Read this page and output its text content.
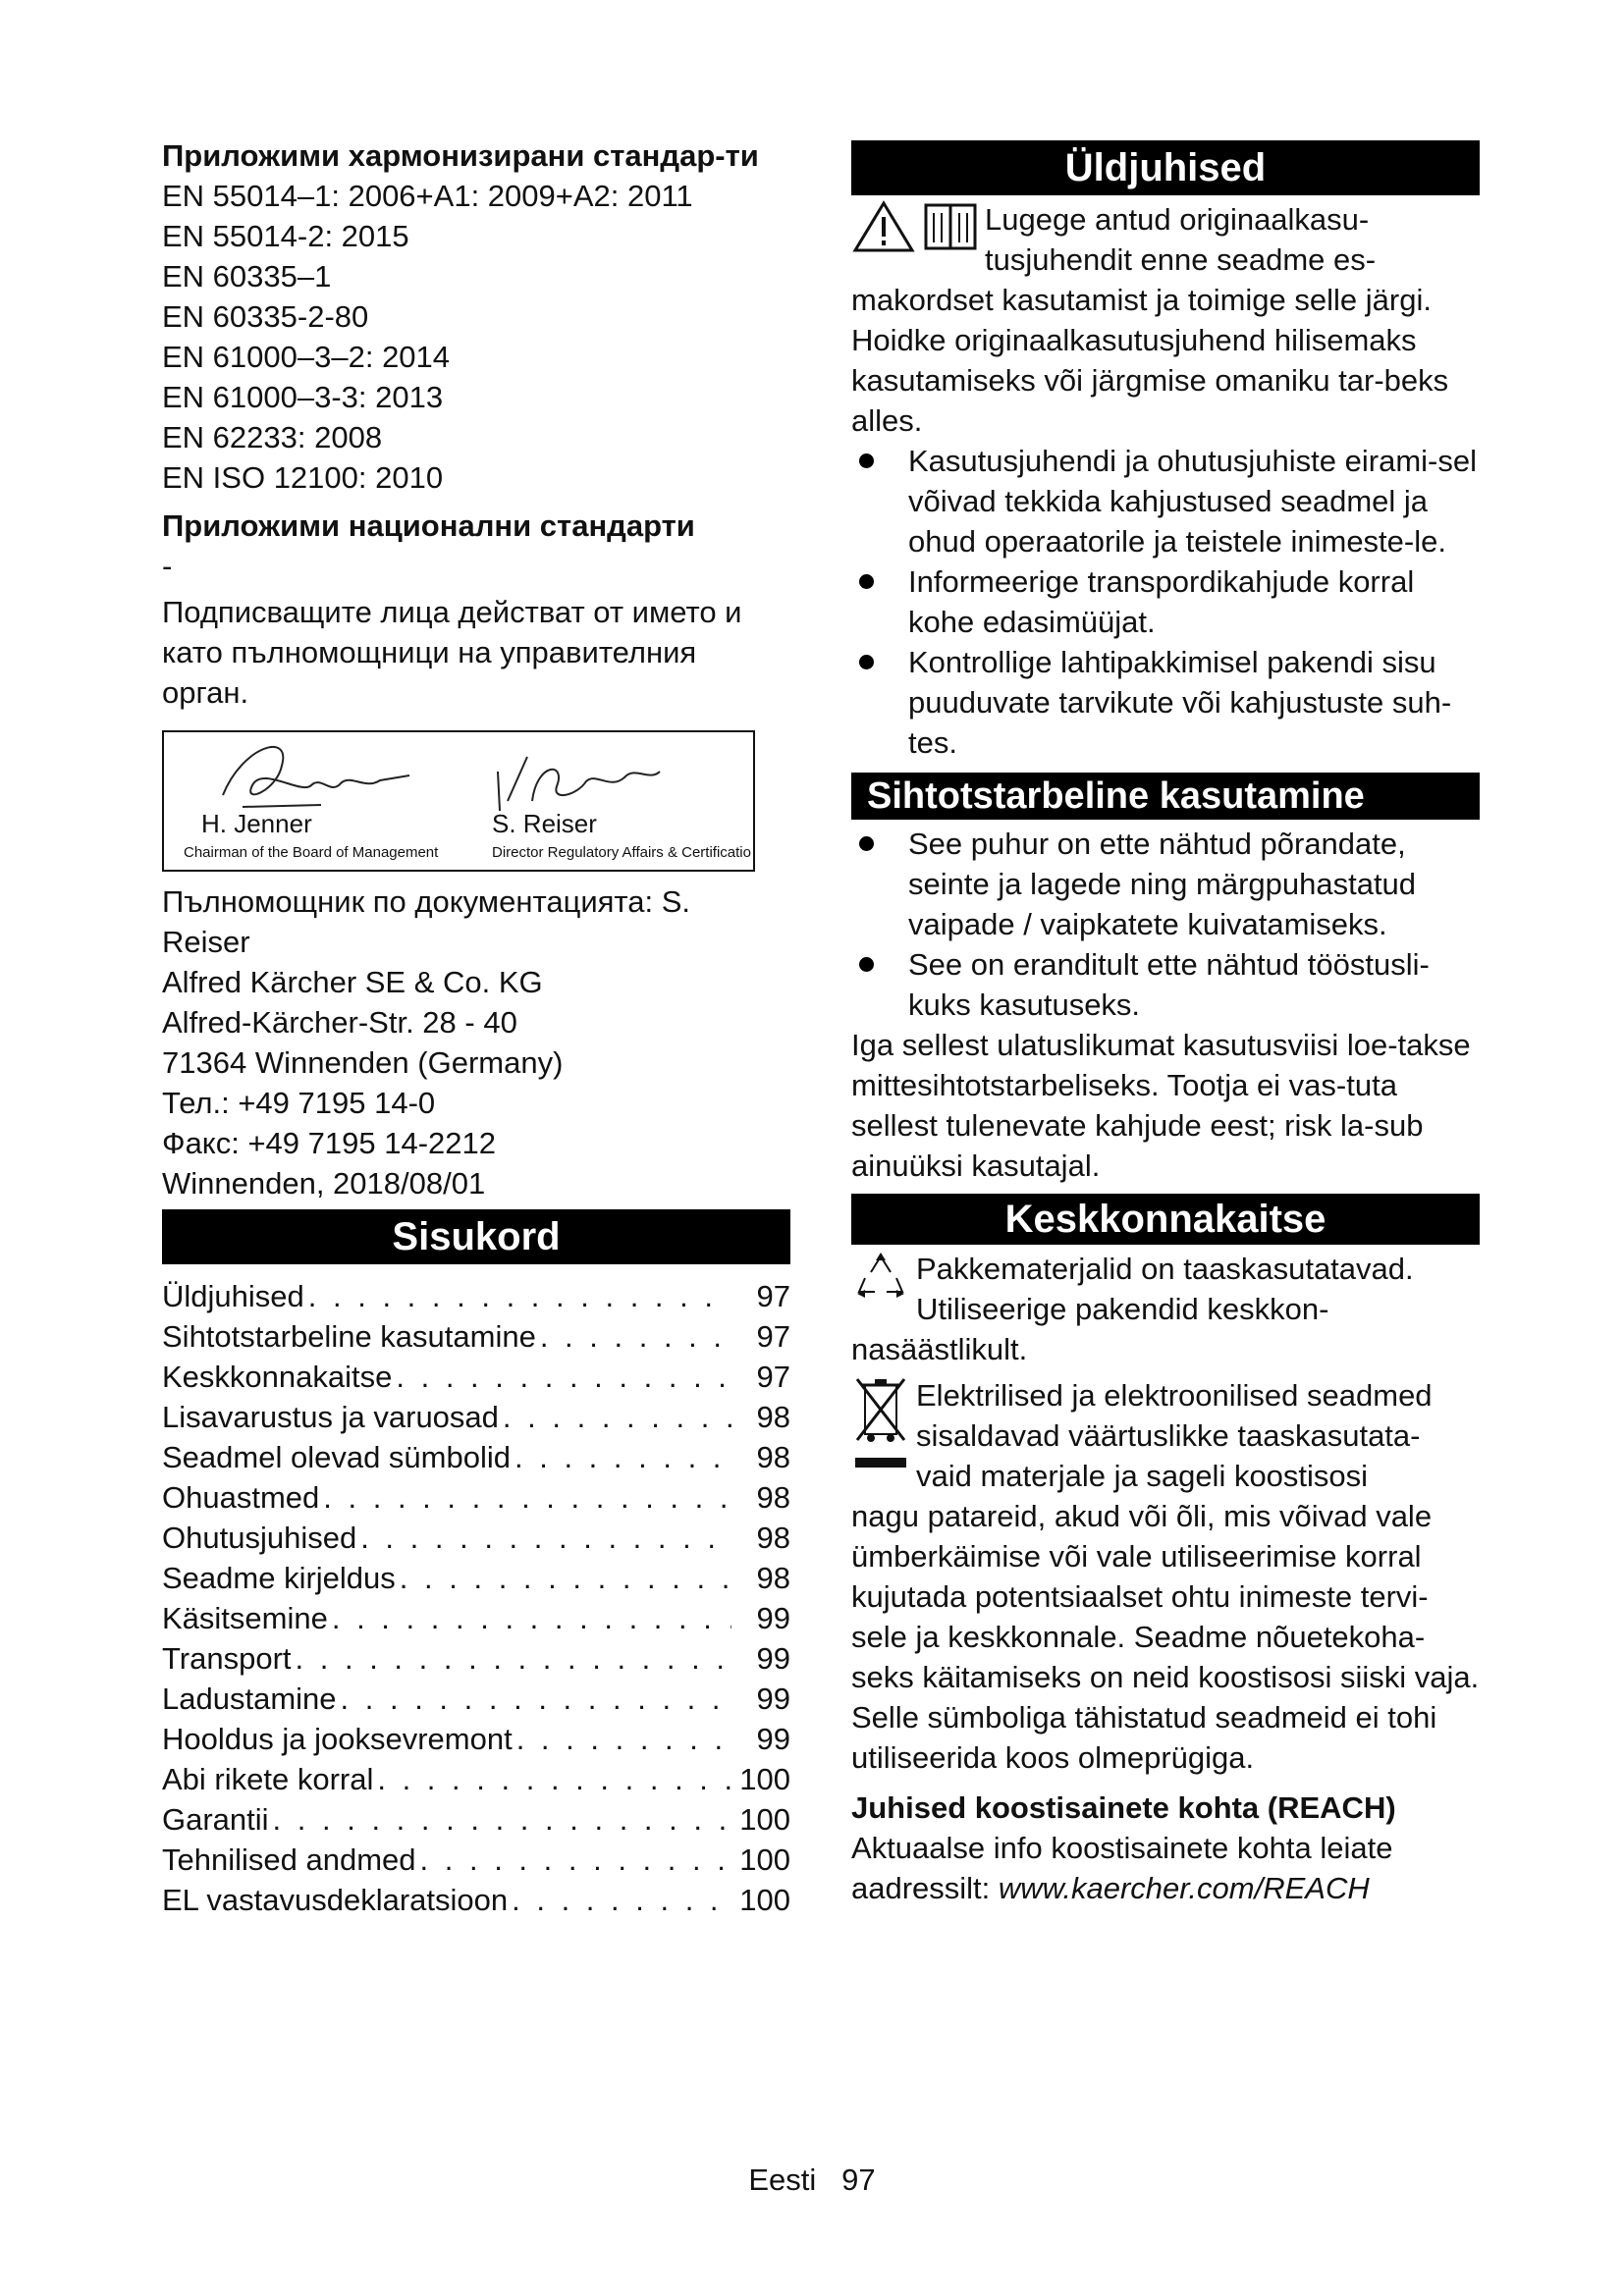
Приложими хармонизирани стандар-ти

EN 55014–1: 2006+A1: 2009+A2: 2011

EN 55014-2: 2015

EN 60335–1

EN 60335-2-80

EN 61000–3–2: 2014

EN 61000–3-3: 2013

EN 62233: 2008

EN ISO 12100: 2010

Приложими национални стандарти

-

Подписващите лица действат от името и като пълномощници на управителния орган.

H. Jenner
Chairman of the Board of Management
S. Reiser
Director Regulatory Affairs & Certificatio

Пълномощник по документацията: S.

Reiser

Alfred Kärcher SE & Co. KG

Alfred-Kärcher-Str. 28 - 40

71364 Winnenden (Germany)

Тел.: +49 7195 14-0

Факс: +49 7195 14-2212

Winnenden, 2018/08/01

Sisukord
Üldjuhised . . .	97
Sihtotstarbeline kasutamine . . .	97
Keskkonnakaitse . . .	97
Lisavarustus ja varuosad . . .	98
Seadmel olevad sümbolid . . .	98
Ohuastmed . . .	98
Ohutusjuhised . . .	98
Seadme kirjeldus . . .	98
Käsitsemine . . .	99
Transport . . .	99
Ladustamine . . .	99
Hooldus ja jooksevremont . . .	99
Abi rikete korral . . .	100
Garantii . . .	100
Tehnilised andmed . . .	100
EL vastavusdeklaratsioon . . .	100
Üldjuhised

Lugege antud originaalkasu-

tusjuhendit enne seadme es-

makordset kasutamist ja toimige selle järgi. Hoidke originaalkasutusjuhend hilisemaks kasutamiseks või järgmise omaniku tar-beks alles.

Kasutusjuhendi ja ohutusjuhiste eirami-sel võivad tekkida kahjustused seadmel ja ohud operaatorile ja teistele inimeste-le.
Informeerige transpordikahjude korral kohe edasimüüjat.
Kontrollige lahtipakkimisel pakendi sisu puuduvate tarvikute või kahjustuste suh-tes.
Sihtotstarbeline kasutamine
See puhur on ette nähtud põrandate, seinte ja lagede ning märgpuhastatud vaipade / vaipkatete kuivatamiseks.
See on eranditult ette nähtud tööstusli-kuks kasutuseks.

Iga sellest ulatuslikumat kasutusviisi loe-takse mittesihtotstarbeliseks. Tootja ei vas-tuta sellest tulenevate kahjude eest; risk la-sub ainuüksi kasutajal.

Keskkonnakaitse

Pakkematerjalid on taaskasutatavad.

Utiliseerige pakendid keskkon-

nasäästlikult.

Elektrilised ja elektroonilised seadmed

sisaldavad väärtuslikke taaskasutata-

vaid materjale ja sageli koostisosi

nagu patareid, akud või õli, mis võivad vale ümberkäimise või vale utiliseerimise korral kujutada potentsiaalset ohtu inimeste tervi-sele ja keskkonnale. Seadme nõuetekoha-seks käitamiseks on neid koostisosi siiski vaja. Selle sümboliga tähistatud seadmeid ei tohi utiliseerida koos olmeprügiga.

Juhised koostisainete kohta (REACH)

Aktuaalse info koostisainete kohta leiate

aadressilt: www.kaercher.com/REACH

Eesti 97
